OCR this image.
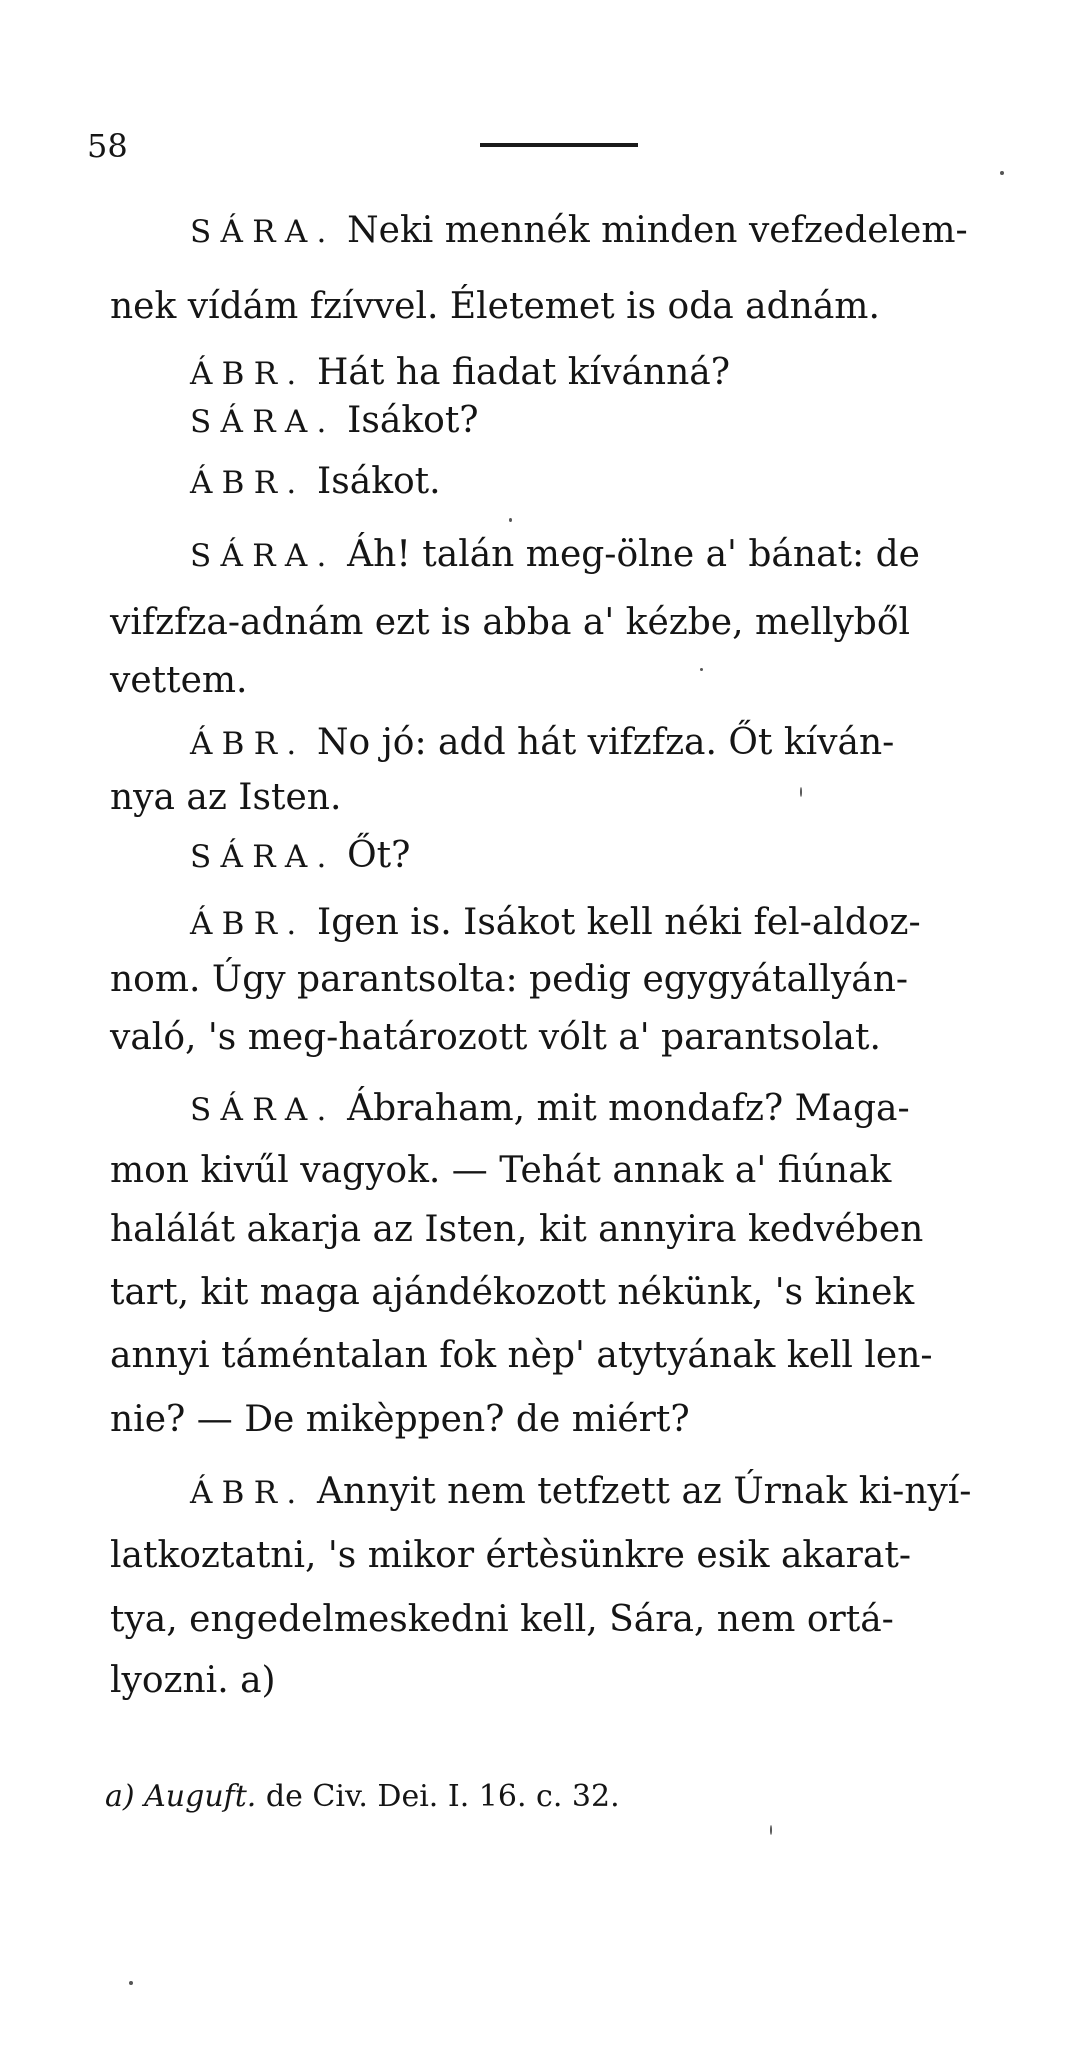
58
SÁRA. Neki mennék minden vefzedelem-
nek vídám fzívvel. Életemet is oda adnám.
ÁBR. Hát ha fiadat kívánná?
SÁRA. Isákot?
ÁBR. Isákot.
SÁRA. Áh! talán meg-ölne a' bánat: de
vifzfza-adnám ezt is abba a' kézbe, mellyből
vettem.
ÁBR. No jó: add hát vifzfza. Őt kíván-
nya az Isten.
SÁRA. Őt?
ÁBR. Igen is. Isákot kell néki fel-aldoz-
nom. Úgy parantsolta: pedig egygyátallyán-
való, 's meg-határozott vólt a' parantsolat.
SÁRA. Ábraham, mit mondafz? Maga-
mon kivűl vagyok. — Tehát annak a' fiúnak
halálát akarja az Isten, kit annyira kedvében
tart, kit maga ajándékozott nékünk, 's kinek
annyi táméntalan fok nèp' atytyának kell len-
nie? — De mikèppen? de miért?
ÁBR. Annyit nem tetfzett az Úrnak ki-nyí-
latkoztatni, 's mikor értèsünkre esik akarat-
tya, engedelmeskedni kell, Sára, nem ortá-
lyozni. a)
a) Auguft. de Civ. Dei. I. 16. c. 32.
